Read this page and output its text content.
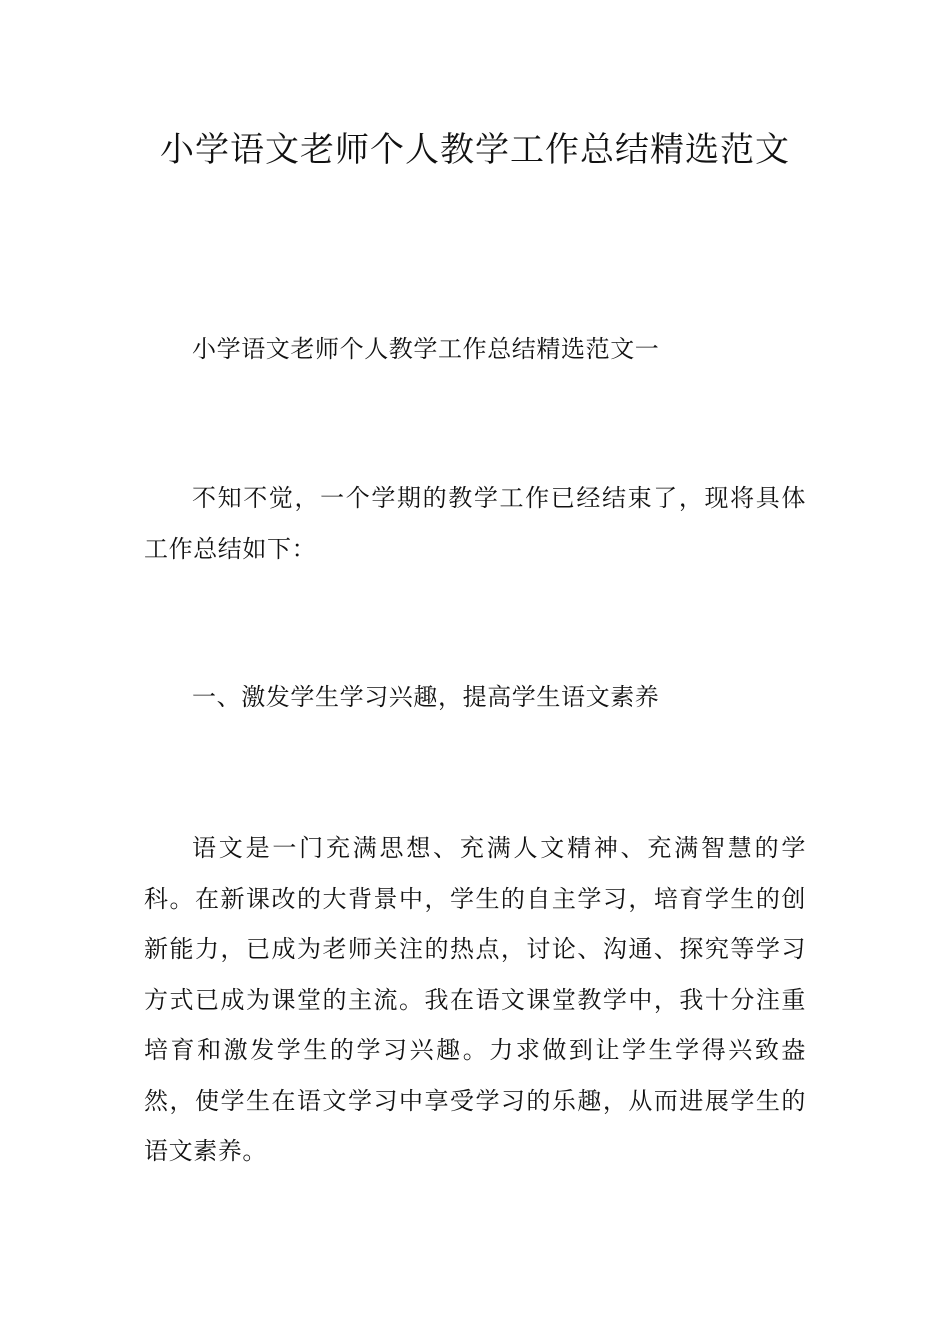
小学语文老师个人教学工作总结精选范文

小学语文老师个人教学工作总结精选范文一

不知不觉，一个学期的教学工作已经结束了，现将具体工作总结如下：

一、激发学生学习兴趣，提高学生语文素养

语文是一门充满思想、充满人文精神、充满智慧的学科。在新课改的大背景中，学生的自主学习，培育学生的创新能力，已成为老师关注的热点，讨论、沟通、探究等学习方式已成为课堂的主流。我在语文课堂教学中，我十分注重培育和激发学生的学习兴趣。力求做到让学生学得兴致盎然，使学生在语文学习中享受学习的乐趣，从而进展学生的语文素养。
